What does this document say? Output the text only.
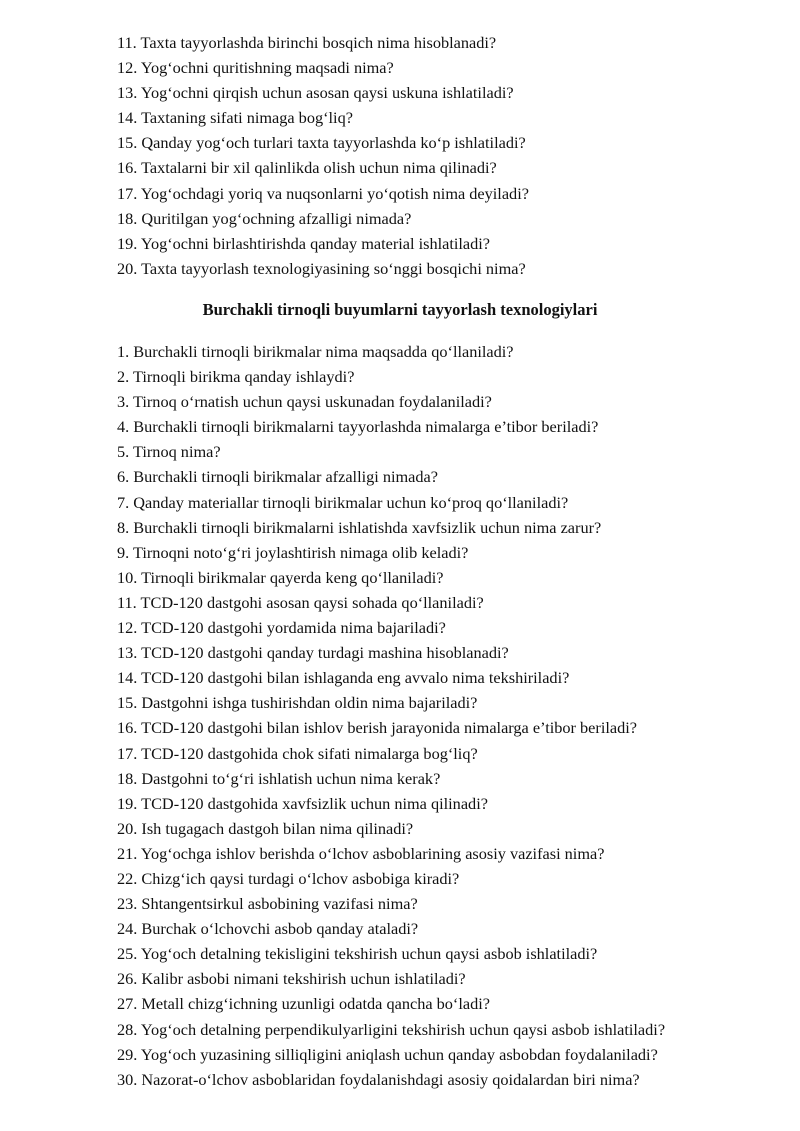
11. Taxta tayyorlashda birinchi bosqich nima hisoblanadi?
12. Yog‘ochni quritishning maqsadi nima?
13. Yog‘ochni qirqish uchun asosan qaysi uskuna ishlatiladi?
14. Taxtaning sifati nimaga bog‘liq?
15. Qanday yog‘och turlari taxta tayyorlashda ko‘p ishlatiladi?
16. Taxtalarni bir xil qalinlikda olish uchun nima qilinadi?
17. Yog‘ochdagi yoriq va nuqsonlarni yo‘qotish nima deyiladi?
18. Quritilgan yog‘ochning afzalligi nimada?
19. Yog‘ochni birlashtirishda qanday material ishlatiladi?
20. Taxta tayyorlash texnologiyasining so‘nggi bosqichi nima?
Burchakli tirnoqli buyumlarni tayyorlash texnologiylari
1. Burchakli tirnoqli birikmalar nima maqsadda qo‘llaniladi?
2. Tirnoqli birikma qanday ishlaydi?
3. Tirnoq o‘rnatish uchun qaysi uskunadan foydalaniladi?
4. Burchakli tirnoqli birikmalarni tayyorlashda nimalarga e’tibor beriladi?
5. Tirnoq nima?
6. Burchakli tirnoqli birikmalar afzalligi nimada?
7. Qanday materiallar tirnoqli birikmalar uchun ko‘proq qo‘llaniladi?
8. Burchakli tirnoqli birikmalarni ishlatishda xavfsizlik uchun nima zarur?
9. Tirnoqni noto‘g‘ri joylashtirish nimaga olib keladi?
10. Tirnoqli birikmalar qayerda keng qo‘llaniladi?
11. TCD-120 dastgohi asosan qaysi sohada qo‘llaniladi?
12. TCD-120 dastgohi yordamida nima bajariladi?
13. TCD-120 dastgohi qanday turdagi mashina hisoblanadi?
14. TCD-120 dastgohi bilan ishlaganda eng avvalo nima tekshiriladi?
15. Dastgohni ishga tushirishdan oldin nima bajariladi?
16. TCD-120 dastgohi bilan ishlov berish jarayonida nimalarga e’tibor beriladi?
17. TCD-120 dastgohida chok sifati nimalarga bog‘liq?
18. Dastgohni to‘g‘ri ishlatish uchun nima kerak?
19. TCD-120 dastgohida xavfsizlik uchun nima qilinadi?
20. Ish tugagach dastgoh bilan nima qilinadi?
21. Yog‘ochga ishlov berishda o‘lchov asboblarining asosiy vazifasi nima?
22. Chizg‘ich qaysi turdagi o‘lchov asbobiga kiradi?
23. Shtangentsirkul asbobining vazifasi nima?
24. Burchak o‘lchovchi asbob qanday ataladi?
25. Yog‘och detalning tekisligini tekshirish uchun qaysi asbob ishlatiladi?
26. Kalibr asbobi nimani tekshirish uchun ishlatiladi?
27. Metall chizg‘ichning uzunligi odatda qancha bo‘ladi?
28. Yog‘och detalning perpendikulyarligini tekshirish uchun qaysi asbob ishlatiladi?
29. Yog‘och yuzasining silliqligini aniqlash uchun qanday asbobdan foydalaniladi?
30. Nazorat-o‘lchov asboblaridan foydalanishdagi asosiy qoidalardan biri nima?
